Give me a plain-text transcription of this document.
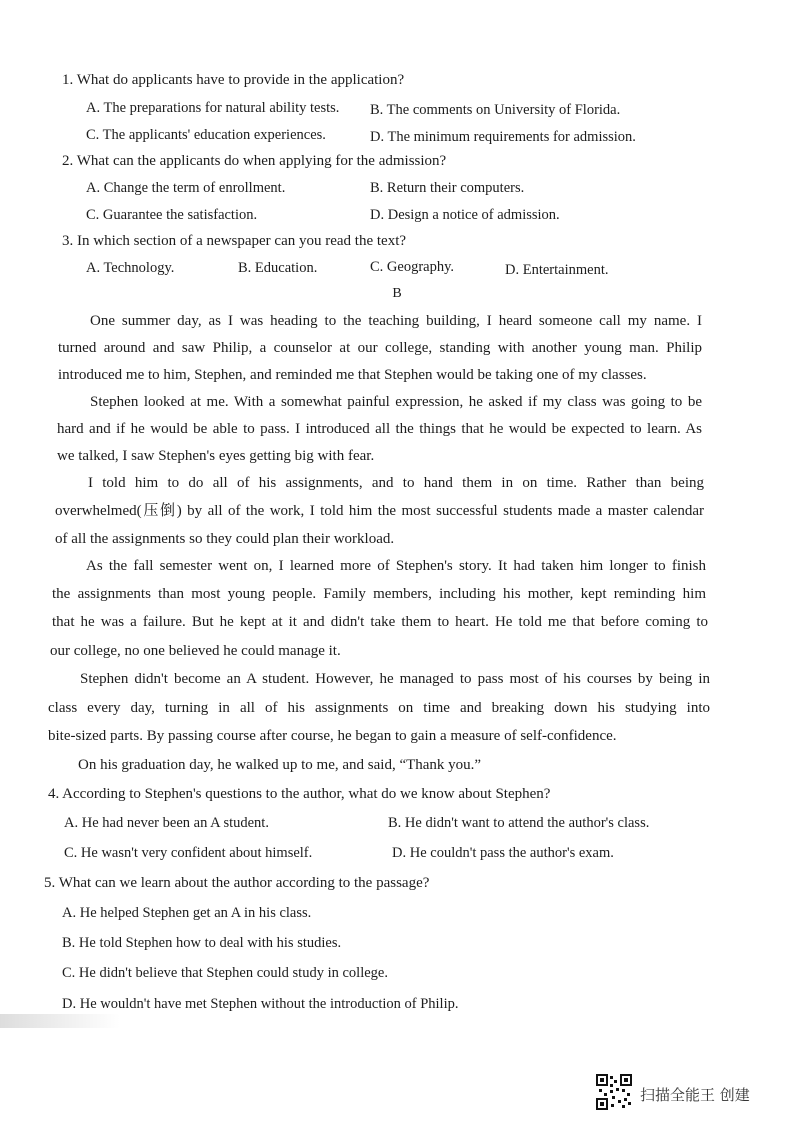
1. What do applicants have to provide in the application?
A. The preparations for natural ability tests. B. The comments on University of Florida.
C. The applicants' education experiences.	D. The minimum requirements for admission.
2. What can the applicants do when applying for the admission?
A. Change the term of enrollment.	B. Return their computers.
C. Guarantee the satisfaction.	D. Design a notice of admission.
3. In which section of a newspaper can you read the text?
A. Technology.	B. Education.	C. Geography.	D. Entertainment.
B
One summer day, as I was heading to the teaching building, I heard someone call my name. I
turned around and saw Philip, a counselor at our college, standing with another young man. Philip
introduced me to him, Stephen, and reminded me that Stephen would be taking one of my classes.
Stephen looked at me. With a somewhat painful expression, he asked if my class was going to be
hard and if he would be able to pass. I introduced all the things that he would be expected to learn. As
we talked, I saw Stephen's eyes getting big with fear.
I told him to do all of his assignments, and to hand them in on time. Rather than being
overwhelmed(压倒) by all of the work, I told him the most successful students made a master calendar
of all the assignments so they could plan their workload.
As the fall semester went on, I learned more of Stephen's story. It had taken him longer to finish
the assignments than most young people. Family members, including his mother, kept reminding him
that he was a failure. But he kept at it and didn't take them to heart. He told me that before coming to
our college, no one believed he could manage it.
Stephen didn't become an A student. However, he managed to pass most of his courses by being in
class every day, turning in all of his assignments on time and breaking down his studying into
bite-sized parts. By passing course after course, he began to gain a measure of self-confidence.
On his graduation day, he walked up to me, and said, “Thank you.”
4. According to Stephen's questions to the author, what do we know about Stephen?
A. He had never been an A student.	B. He didn't want to attend the author's class.
C. He wasn't very confident about himself.	D. He couldn't pass the author's exam.
5. What can we learn about the author according to the passage?
A. He helped Stephen get an A in his class.
B. He told Stephen how to deal with his studies.
C. He didn't believe that Stephen could study in college.
D. He wouldn't have met Stephen without the introduction of Philip.
扫描全能王 创建
